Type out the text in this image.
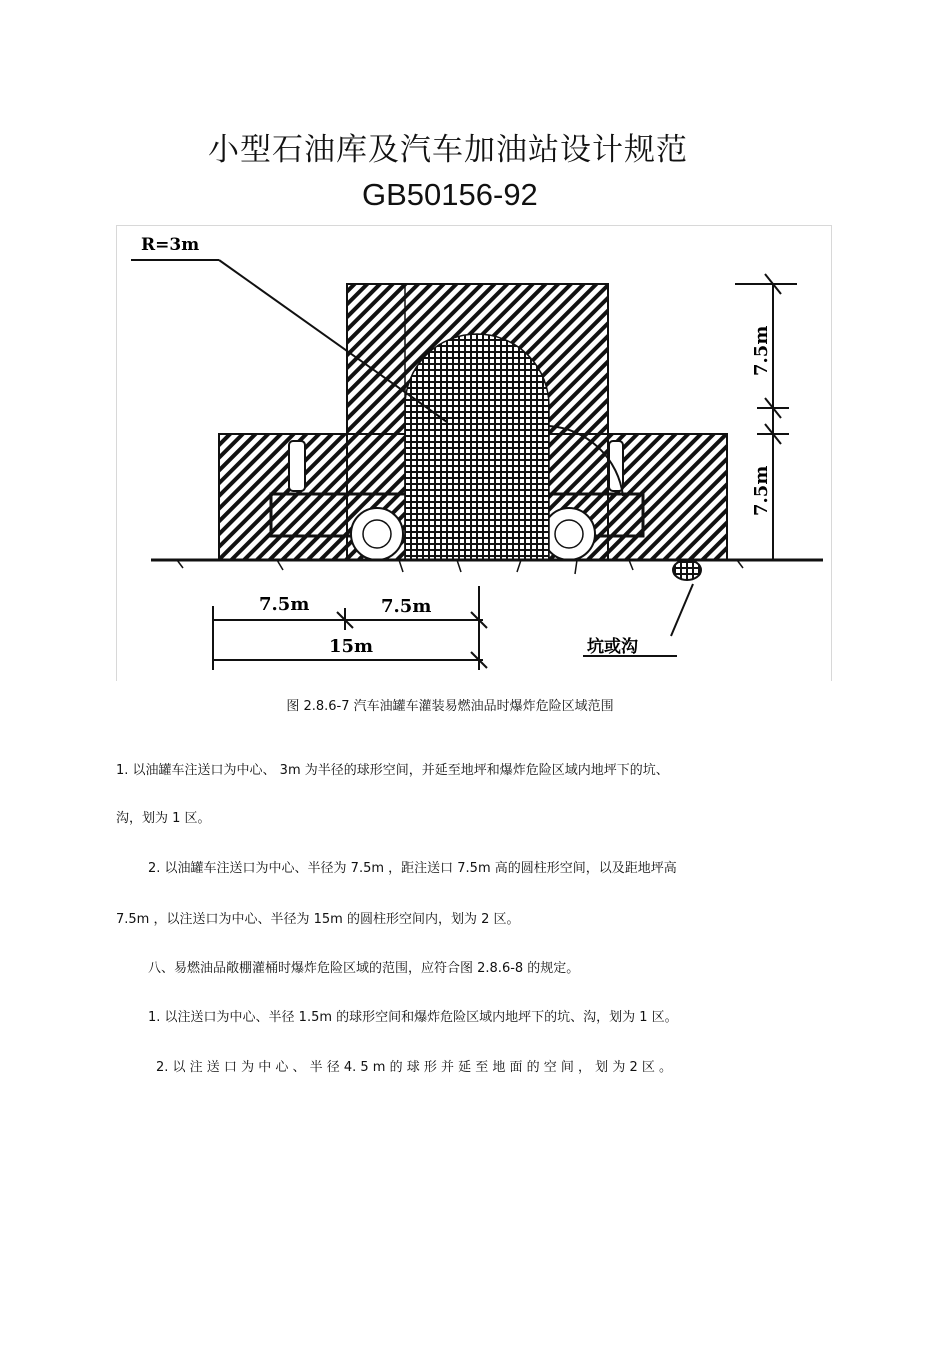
小型石油库及汽车加油站设计规范
GB50156-92
R=3m
7.5m
7.5m
7.5m	7.5m
15m	坑或沟
图 2.8.6-7 汽车油罐车灌装易燃油品时爆炸危险区域范围
1. 以油罐车注送口为中心、 3m 为半径的球形空间，并延至地坪和爆炸危险区域内地坪下的坑、
沟，划为 1 区。
2. 以油罐车注送口为中心、半径为 7.5m ，距注送口 7.5m 高的圆柱形空间，以及距地坪高
7.5m ，以注送口为中心、半径为 15m 的圆柱形空间内，划为 2 区。
八、易燃油品敞棚灌桶时爆炸危险区域的范围，应符合图 2.8.6-8 的规定。
1. 以注送口为中心、半径 1.5m 的球形空间和爆炸危险区域内地坪下的坑、沟，划为 1 区。
2. 以 注 送 口 为 中 心 、 半 径 4. 5 m 的 球 形 并 延 至 地 面 的 空 间 ， 划 为 2 区 。
